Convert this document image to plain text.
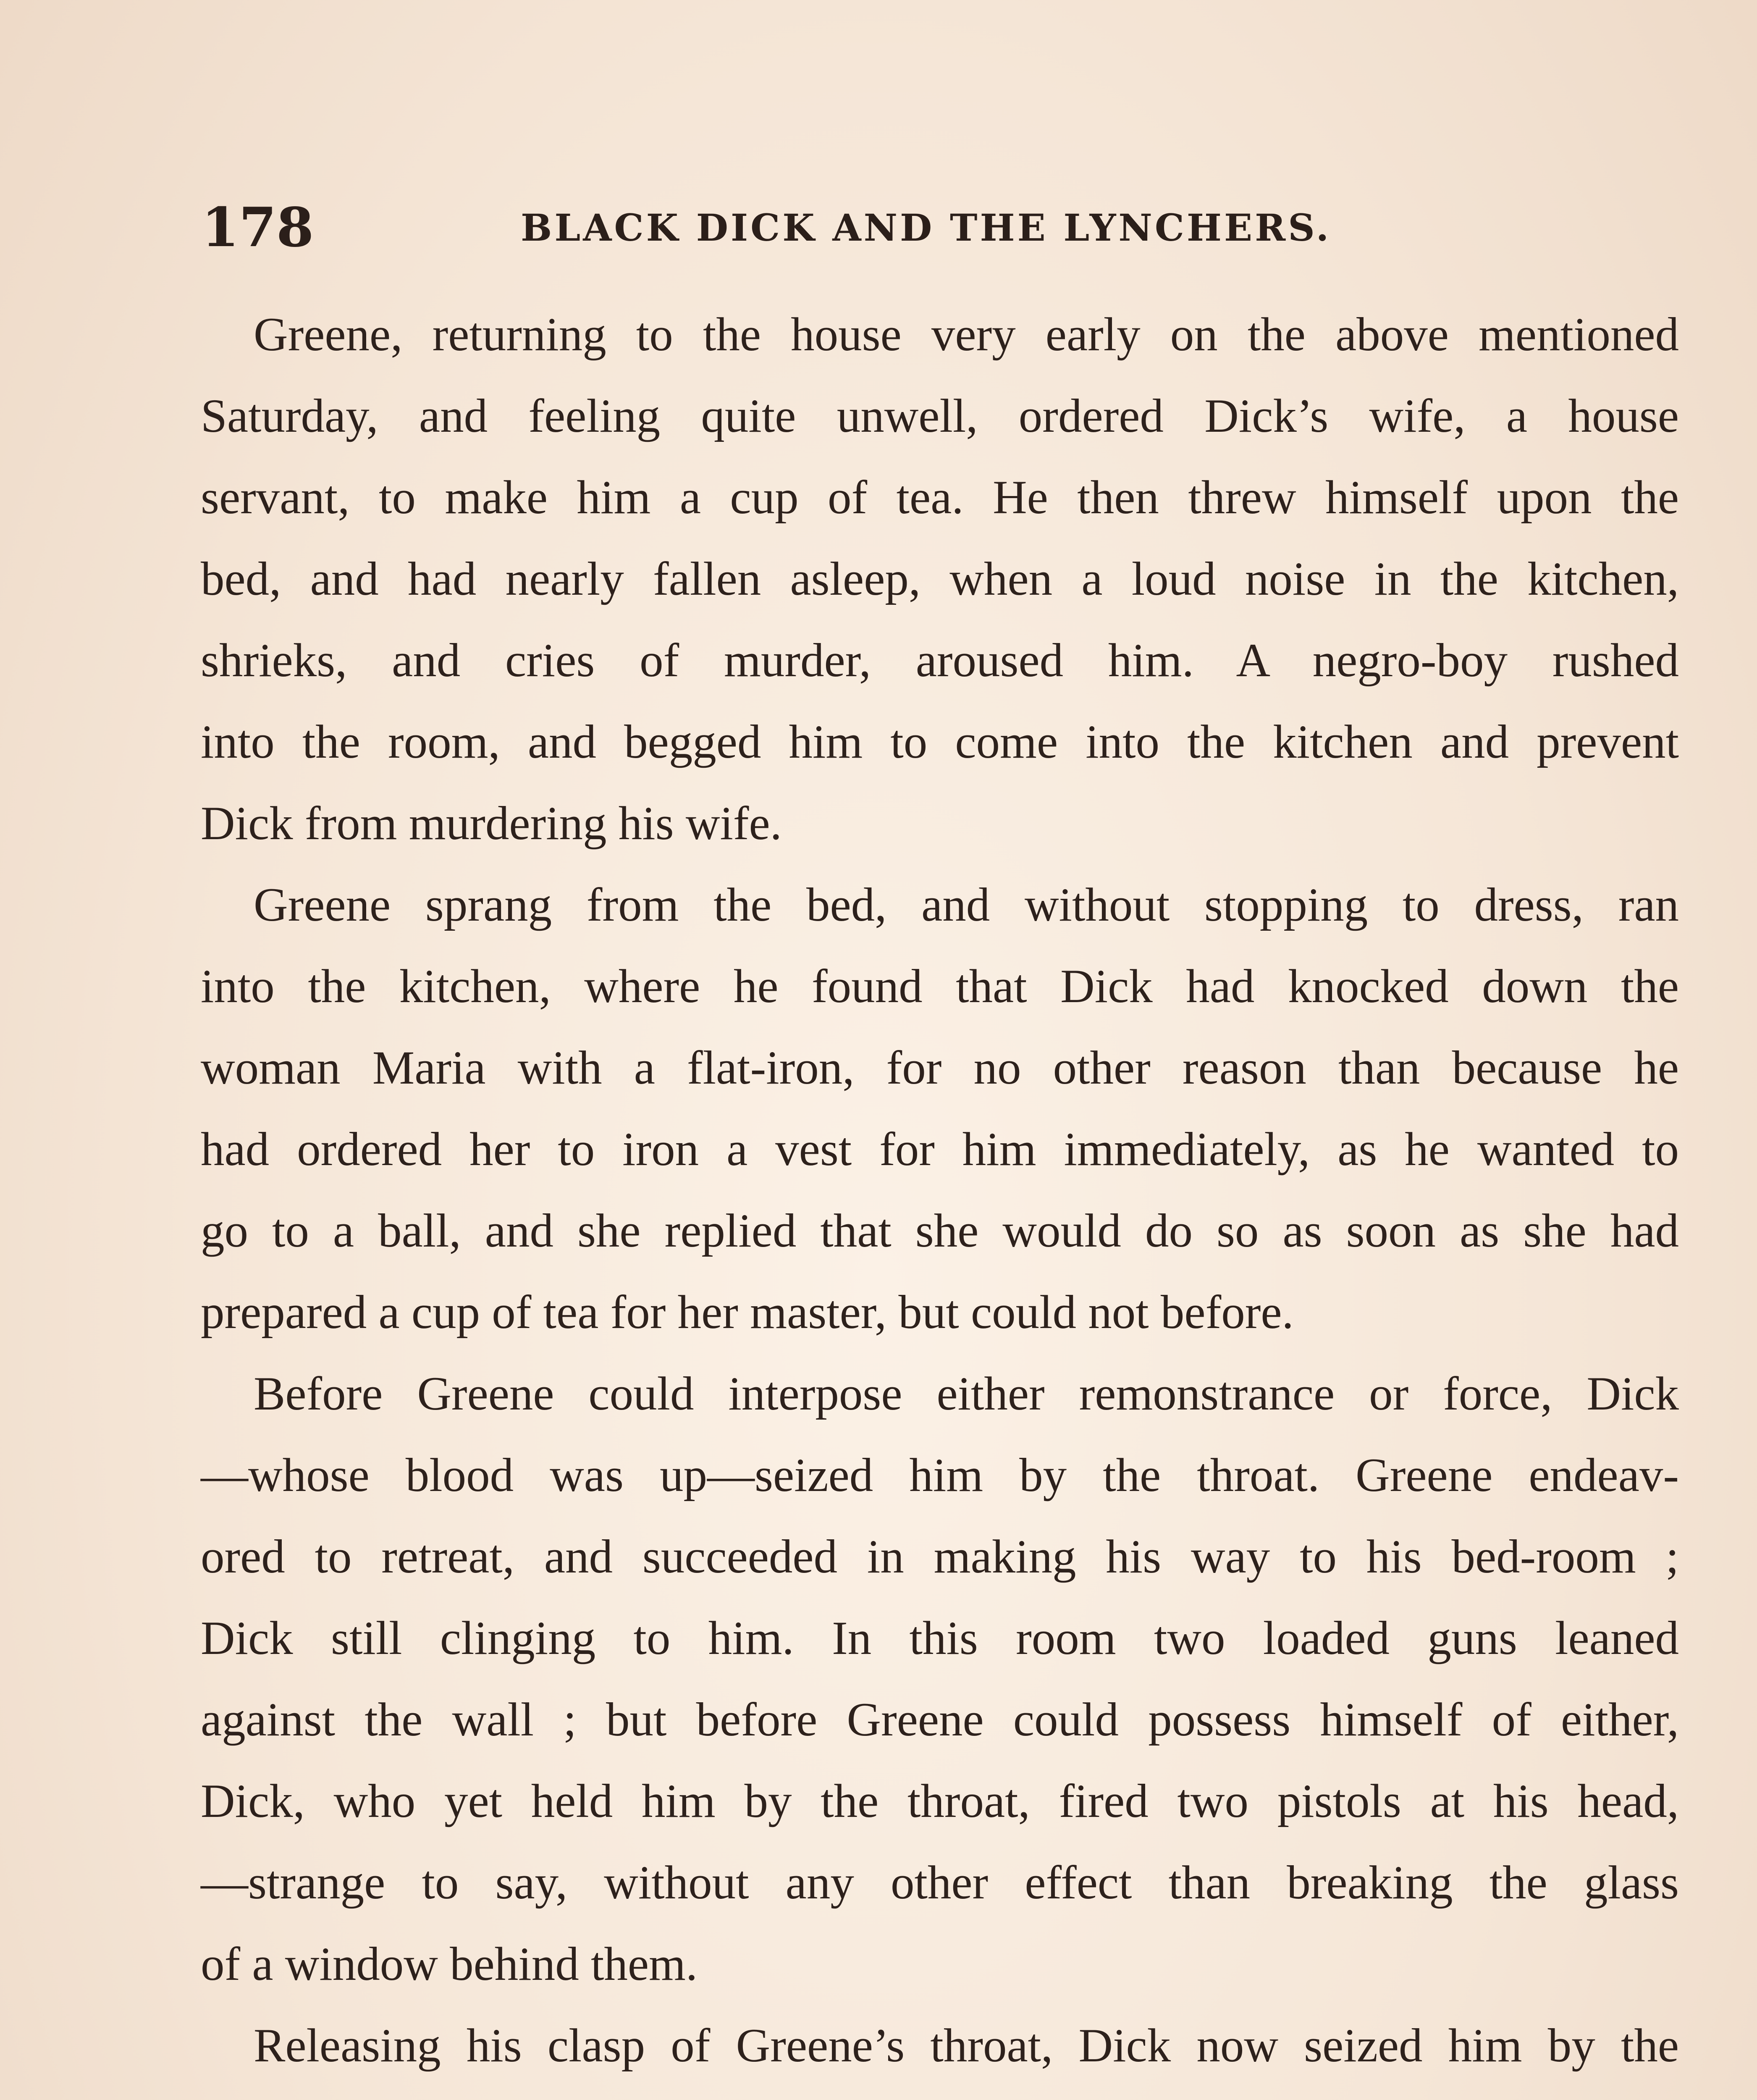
178	BLACK DICK AND THE LYNCHERS.
Greene, returning to the house very early on the above mentioned
Saturday, and feeling quite unwell, ordered Dick’s wife, a house
servant, to make him a cup of tea. He then threw himself upon the
bed, and had nearly fallen asleep, when a loud noise in the kitchen,
shrieks, and cries of murder, aroused him. A negro-boy rushed
into the room, and begged him to come into the kitchen and prevent
Dick from murdering his wife.
Greene sprang from the bed, and without stopping to dress, ran
into the kitchen, where he found that Dick had knocked down the
woman Maria with a flat-iron, for no other reason than because he
had ordered her to iron a vest for him immediately, as he wanted to
go to a ball, and she replied that she would do so as soon as she had
prepared a cup of tea for her master, but could not before.
Before Greene could interpose either remonstrance or force, Dick
—whose blood was up—seized him by the throat. Greene endeav-
ored to retreat, and succeeded in making his way to his bed-room ;
Dick still clinging to him. In this room two loaded guns leaned
against the wall ; but before Greene could possess himself of either,
Dick, who yet held him by the throat, fired two pistols at his head,
—strange to say, without any other effect than breaking the glass
of a window behind them.
Releasing his clasp of Greene’s throat, Dick now seized him by the
